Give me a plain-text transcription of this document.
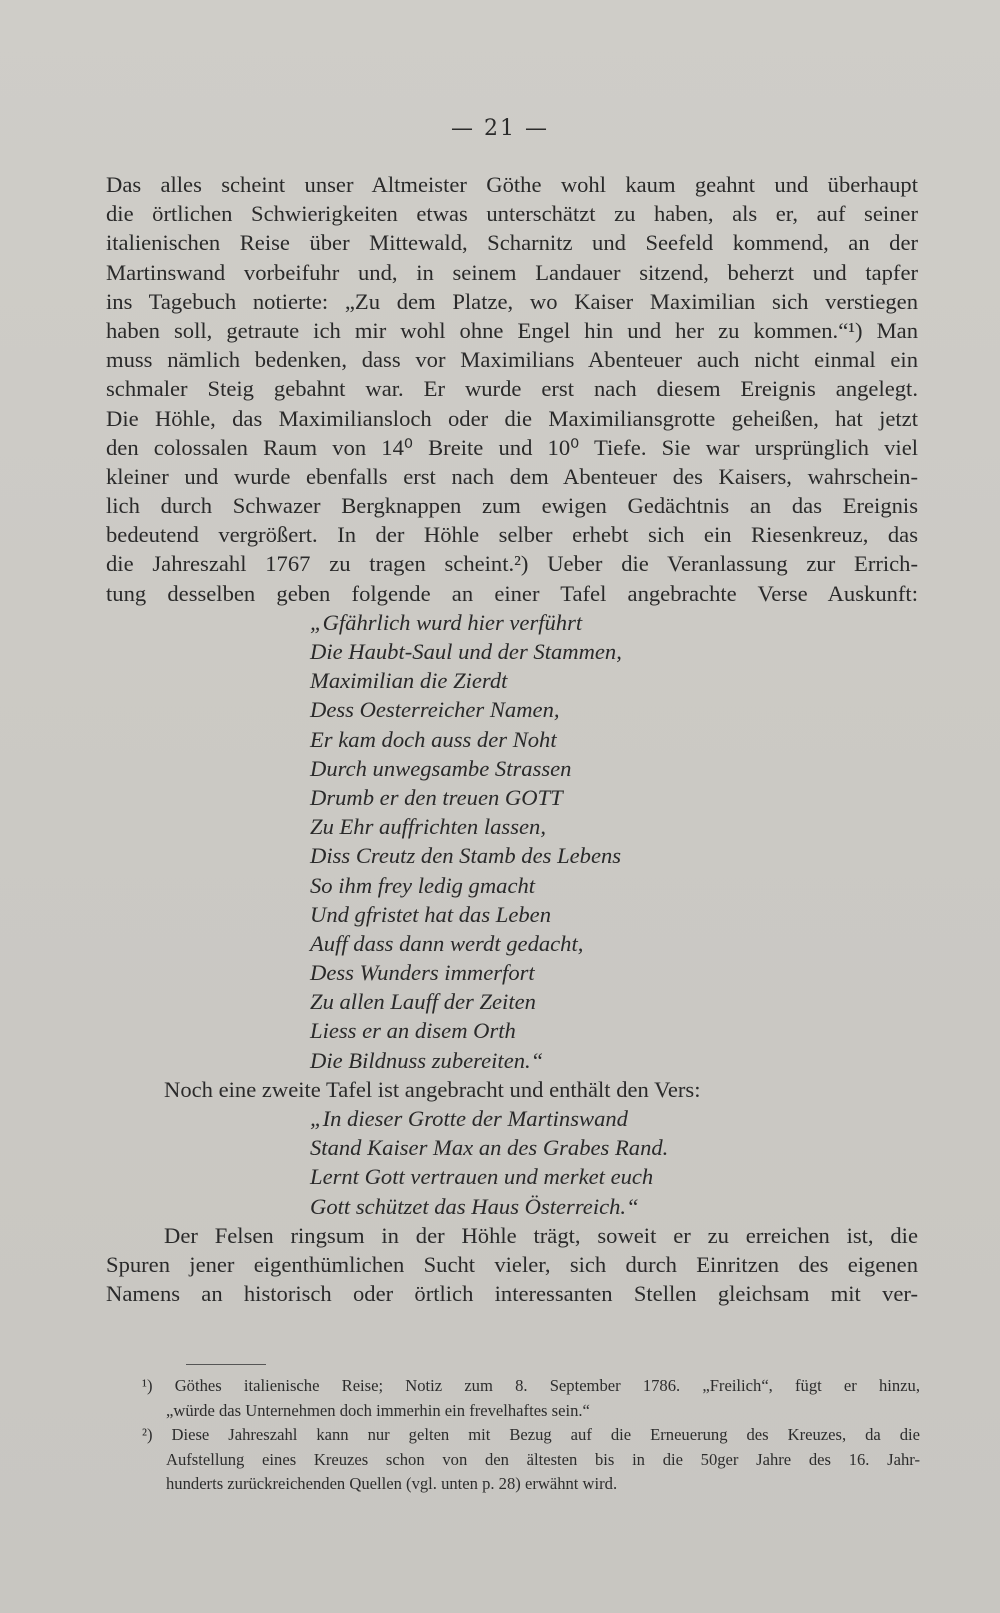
— 21 —
Das alles scheint unser Altmeister Göthe wohl kaum geahnt und überhaupt
die örtlichen Schwierigkeiten etwas unterschätzt zu haben, als er, auf seiner
italienischen Reise über Mittewald, Scharnitz und Seefeld kommend, an der
Martinswand vorbeifuhr und, in seinem Landauer sitzend, beherzt und tapfer
ins Tagebuch notierte: „Zu dem Platze, wo Kaiser Maximilian sich verstiegen
haben soll, getraute ich mir wohl ohne Engel hin und her zu kommen.“¹) Man
muss nämlich bedenken, dass vor Maximilians Abenteuer auch nicht einmal ein
schmaler Steig gebahnt war. Er wurde erst nach diesem Ereignis angelegt.
Die Höhle, das Maximiliansloch oder die Maximiliansgrotte geheißen, hat jetzt
den colossalen Raum von 14⁰ Breite und 10⁰ Tiefe. Sie war ursprünglich viel
kleiner und wurde ebenfalls erst nach dem Abenteuer des Kaisers, wahrschein-
lich durch Schwazer Bergknappen zum ewigen Gedächtnis an das Ereignis
bedeutend vergrößert. In der Höhle selber erhebt sich ein Riesenkreuz, das
die Jahreszahl 1767 zu tragen scheint.²) Ueber die Veranlassung zur Errich-
tung desselben geben folgende an einer Tafel angebrachte Verse Auskunft:
„Gfährlich wurd hier verführt
Die Haubt-Saul und der Stammen,
Maximilian die Zierdt
Dess Oesterreicher Namen,
Er kam doch auss der Noht
Durch unwegsambe Strassen
Drumb er den treuen GOTT
Zu Ehr auffrichten lassen,
Diss Creutz den Stamb des Lebens
So ihm frey ledig gmacht
Und gfristet hat das Leben
Auff dass dann werdt gedacht,
Dess Wunders immerfort
Zu allen Lauff der Zeiten
Liess er an disem Orth
Die Bildnuss zubereiten.“
Noch eine zweite Tafel ist angebracht und enthält den Vers:
„In dieser Grotte der Martinswand
Stand Kaiser Max an des Grabes Rand.
Lernt Gott vertrauen und merket euch
Gott schützet das Haus Österreich.“
Der Felsen ringsum in der Höhle trägt, soweit er zu erreichen ist, die
Spuren jener eigenthümlichen Sucht vieler, sich durch Einritzen des eigenen
Namens an historisch oder örtlich interessanten Stellen gleichsam mit ver-
¹) Göthes italienische Reise; Notiz zum 8. September 1786. „Freilich“, fügt er hinzu,
„würde das Unternehmen doch immerhin ein frevelhaftes sein.“
²) Diese Jahreszahl kann nur gelten mit Bezug auf die Erneuerung des Kreuzes, da die
Aufstellung eines Kreuzes schon von den ältesten bis in die 50ger Jahre des 16. Jahr-
hunderts zurückreichenden Quellen (vgl. unten p. 28) erwähnt wird.
